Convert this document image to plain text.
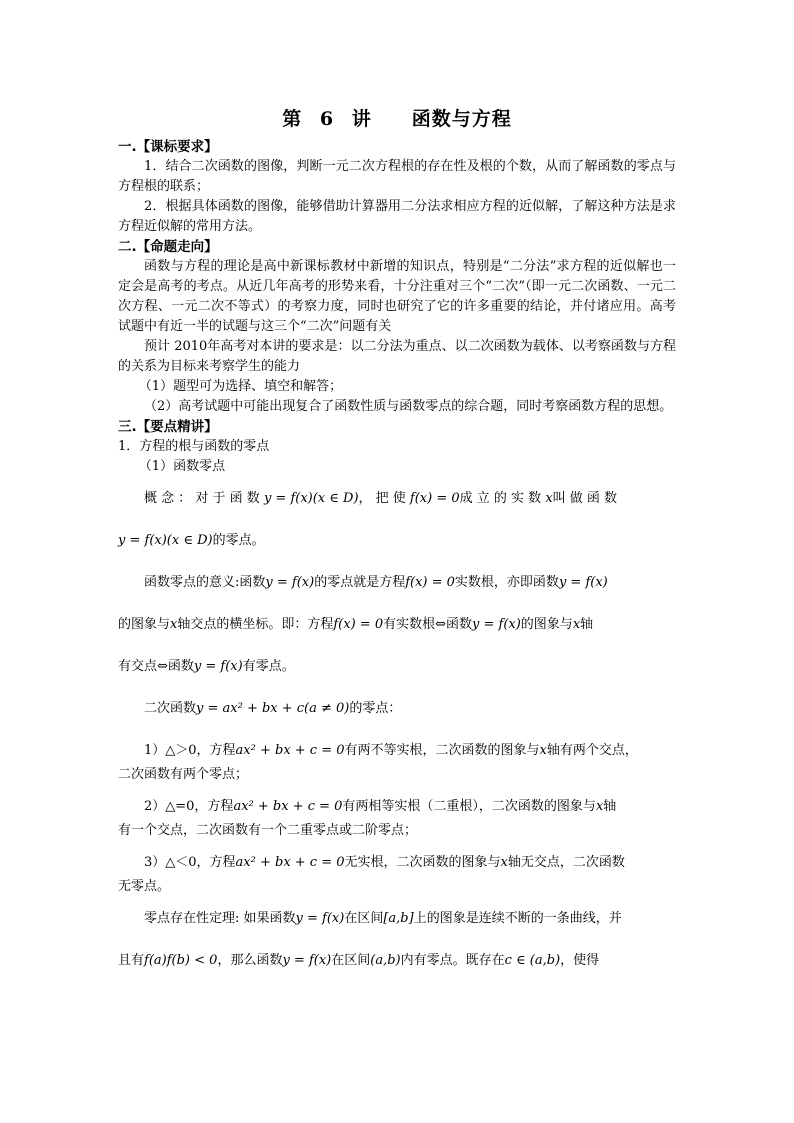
第 6 讲　　函数与方程
一.【课标要求】
1．结合二次函数的图像，判断一元二次方程根的存在性及根的个数，从而了解函数的零点与方程根的联系；
2．根据具体函数的图像，能够借助计算器用二分法求相应方程的近似解，了解这种方法是求方程近似解的常用方法。
二.【命题走向】
函数与方程的理论是高中新课标教材中新增的知识点，特别是“二分法”求方程的近似解也一定会是高考的考点。从近几年高考的形势来看，十分注重对三个“二次”（即一元二次函数、一元二次方程、一元二次不等式）的考察力度，同时也研究了它的许多重要的结论，并付诸应用。高考试题中有近一半的试题与这三个“二次”问题有关
预计 2010年高考对本讲的要求是：以二分法为重点、以二次函数为载体、以考察函数与方程的关系为目标来考察学生的能力
（1）题型可为选择、填空和解答；
（2）高考试题中可能出现复合了函数性质与函数零点的综合题，同时考察函数方程的思想。
三.【要点精讲】
1．方程的根与函数的零点
（1）函数零点
概 念 ： 对 于 函 数 y = f(x)(x ∈ D)， 把 使 f(x) = 0成 立 的 实 数 x叫 做 函 数
y = f(x)(x ∈ D)的零点。
函数零点的意义:函数y = f(x)的零点就是方程f(x) = 0实数根，亦即函数y = f(x)
的图象与x轴交点的横坐标。即：方程f(x) = 0有实数根⇔函数y = f(x)的图象与x轴
有交点⇔函数y = f(x)有零点。
二次函数y = ax² + bx + c(a ≠ 0)的零点：
1）△＞0，方程ax² + bx + c = 0有两不等实根，二次函数的图象与x轴有两个交点，
二次函数有两个零点；
2）△=0，方程ax² + bx + c = 0有两相等实根（二重根），二次函数的图象与x轴
有一个交点，二次函数有一个二重零点或二阶零点；
3）△＜0，方程ax² + bx + c = 0无实根，二次函数的图象与x轴无交点，二次函数
无零点。
零点存在性定理: 如果函数y = f(x)在区间[a,b]上的图象是连续不断的一条曲线，并
且有f(a)f(b) < 0，那么函数y = f(x)在区间(a,b)内有零点。既存在c ∈ (a,b)，使得
